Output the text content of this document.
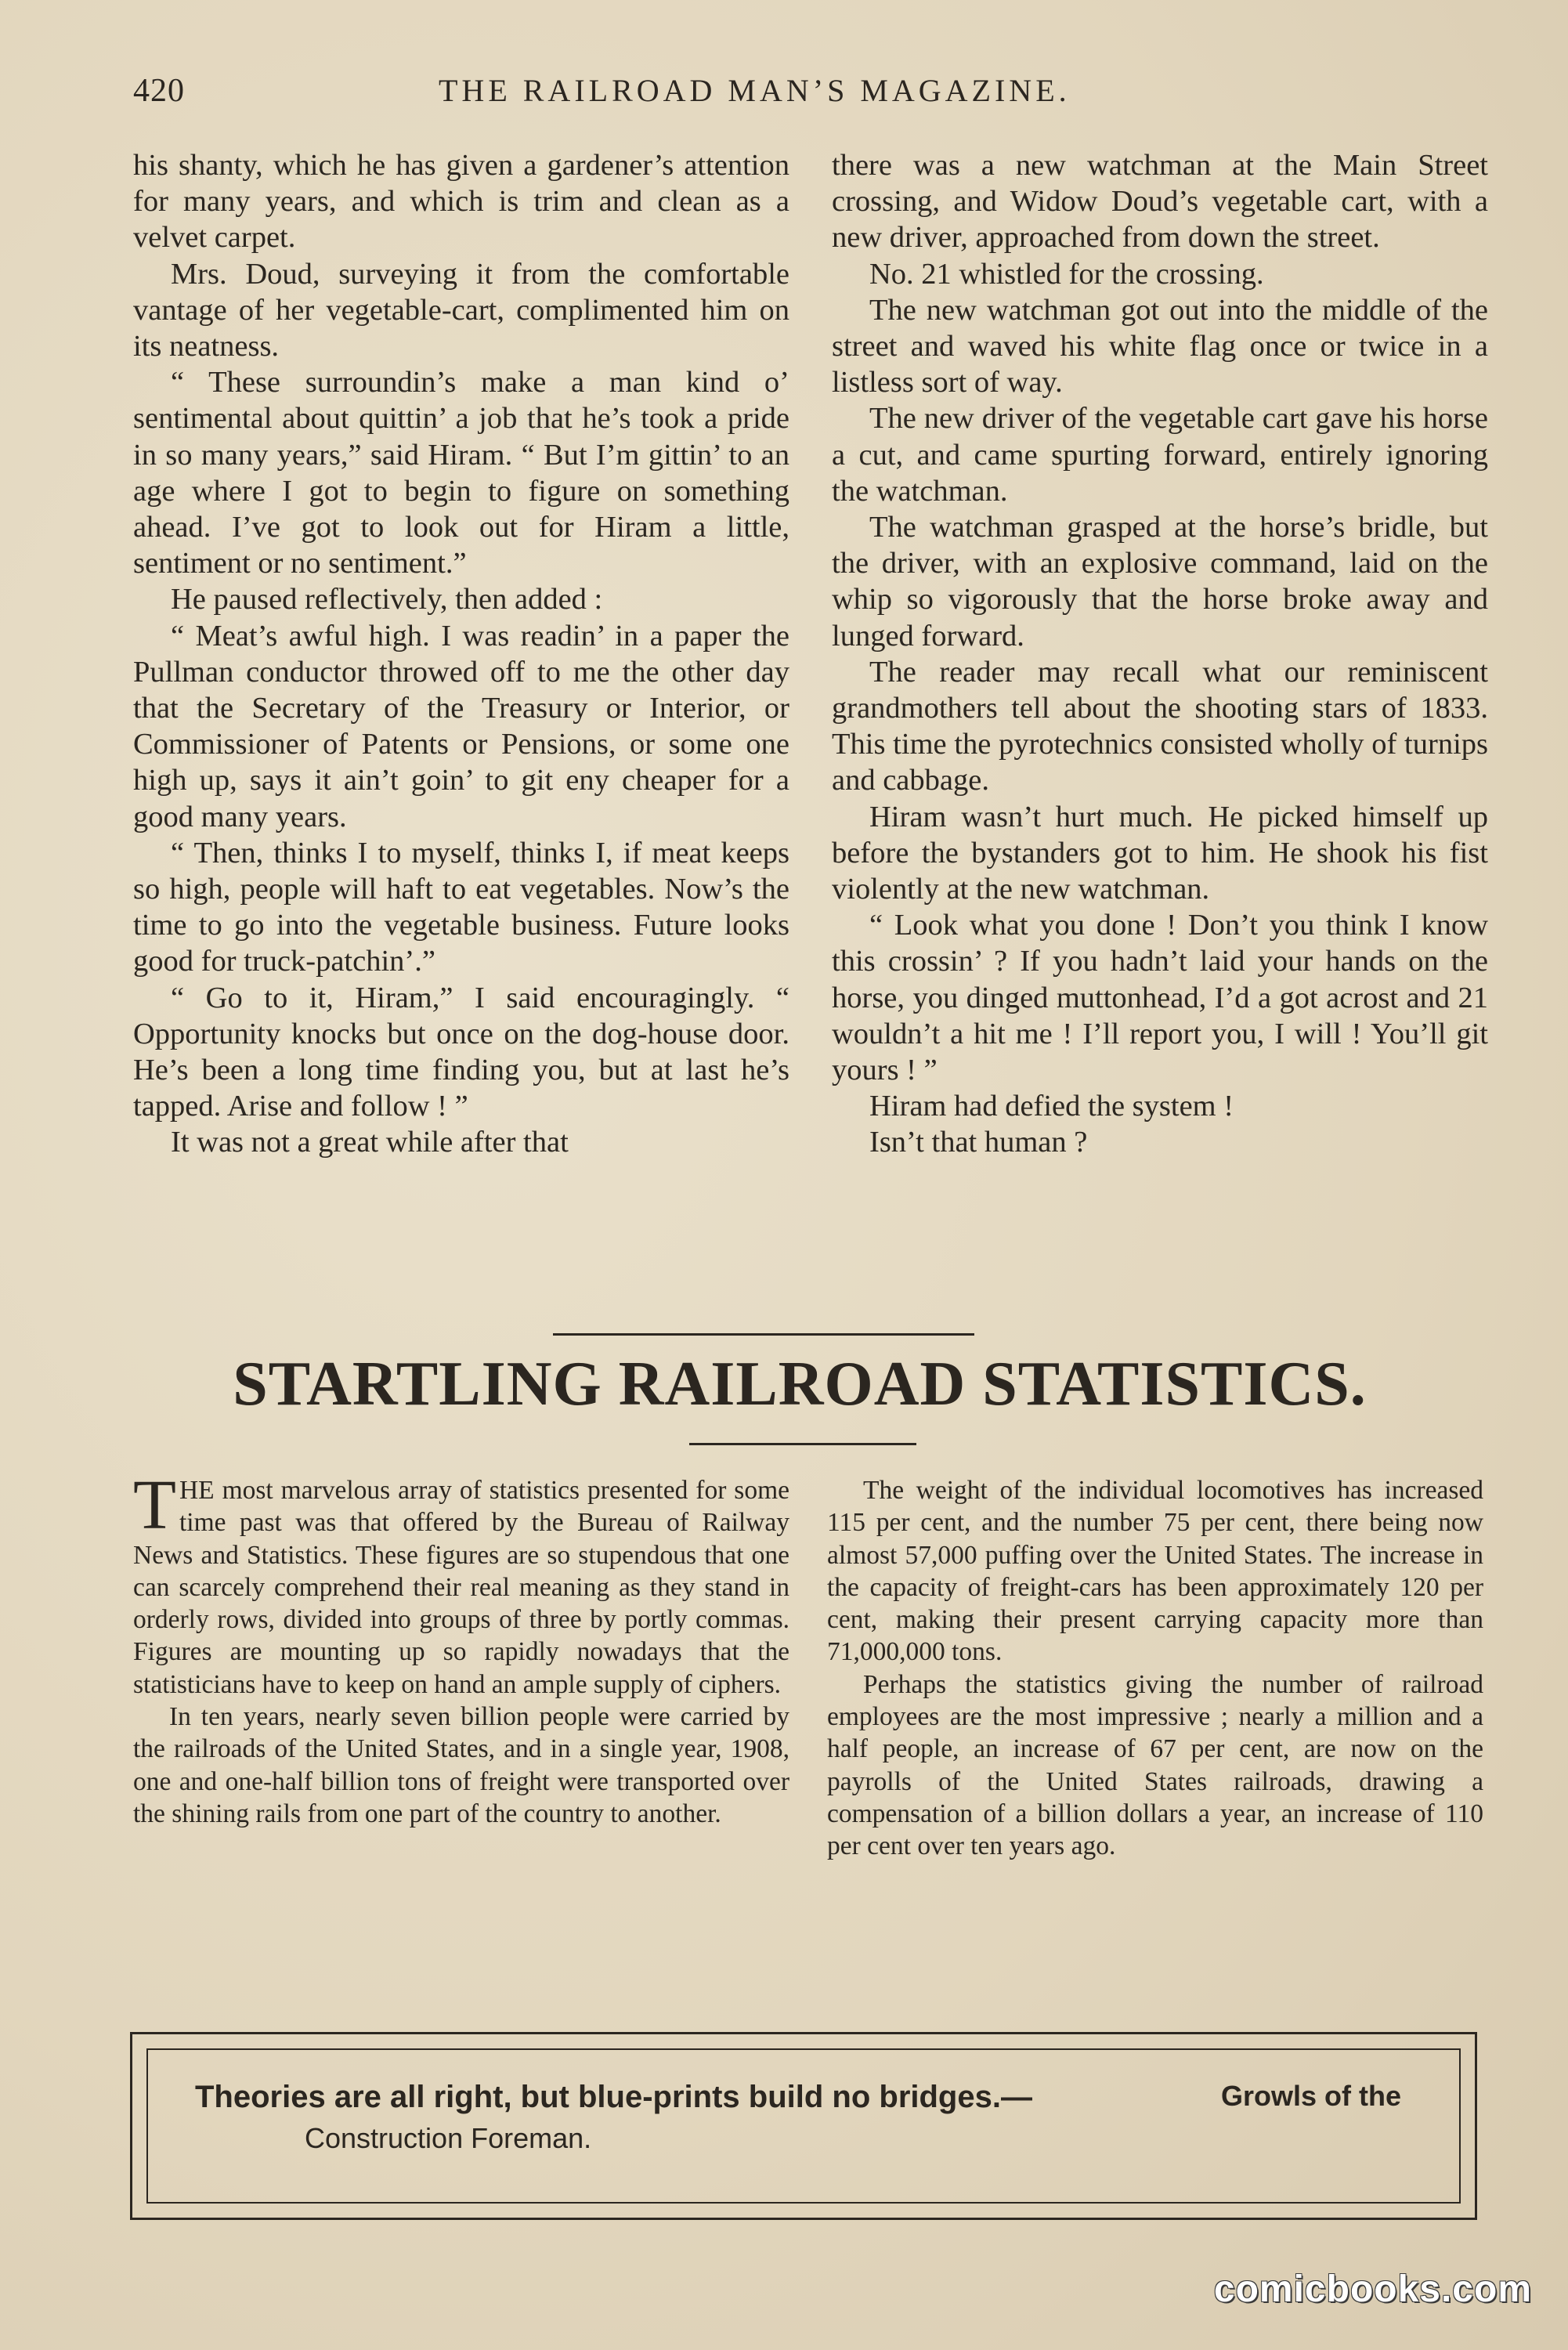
420	THE RAILROAD MAN’S MAGAZINE.

his shanty, which he has given a gardener’s attention for many years, and which is trim and clean as a velvet carpet.

Mrs. Doud, surveying it from the comfortable vantage of her vegetable-cart, complimented him on its neatness.

“ These surroundin’s make a man kind o’ sentimental about quittin’ a job that he’s took a pride in so many years,” said Hiram. “ But I’m gittin’ to an age where I got to begin to figure on something ahead. I’ve got to look out for Hiram a little, sentiment or no sentiment.”

He paused reflectively, then added :

“ Meat’s awful high. I was readin’ in a paper the Pullman conductor throwed off to me the other day that the Secretary of the Treasury or Interior, or Commissioner of Patents or Pensions, or some one high up, says it ain’t goin’ to git eny cheaper for a good many years.

“ Then, thinks I to myself, thinks I, if meat keeps so high, people will haft to eat vegetables. Now’s the time to go into the vegetable business. Future looks good for truck-patchin’.”

“ Go to it, Hiram,” I said encouragingly. “ Opportunity knocks but once on the dog-house door. He’s been a long time finding you, but at last he’s tapped. Arise and follow ! ”

It was not a great while after that

there was a new watchman at the Main Street crossing, and Widow Doud’s vegetable cart, with a new driver, approached from down the street.

No. 21 whistled for the crossing.

The new watchman got out into the middle of the street and waved his white flag once or twice in a listless sort of way.

The new driver of the vegetable cart gave his horse a cut, and came spurting forward, entirely ignoring the watchman.

The watchman grasped at the horse’s bridle, but the driver, with an explosive command, laid on the whip so vigorously that the horse broke away and lunged forward.

The reader may recall what our reminiscent grandmothers tell about the shooting stars of 1833. This time the pyrotechnics consisted wholly of turnips and cabbage.

Hiram wasn’t hurt much. He picked himself up before the bystanders got to him. He shook his fist violently at the new watchman.

“ Look what you done ! Don’t you think I know this crossin’ ? If you hadn’t laid your hands on the horse, you dinged muttonhead, I’d a got acrost and 21 wouldn’t a hit me ! I’ll report you, I will ! You’ll git yours ! ”

Hiram had defied the system !

Isn’t that human ?

STARTLING RAILROAD STATISTICS.

THE most marvelous array of statistics presented for some time past was that offered by the Bureau of Railway News and Statistics. These figures are so stupendous that one can scarcely comprehend their real meaning as they stand in orderly rows, divided into groups of three by portly commas. Figures are mounting up so rapidly nowadays that the statisticians have to keep on hand an ample supply of ciphers.

In ten years, nearly seven billion people were carried by the railroads of the United States, and in a single year, 1908, one and one-half billion tons of freight were transported over the shining rails from one part of the country to another.

The weight of the individual locomotives has increased 115 per cent, and the number 75 per cent, there being now almost 57,000 puffing over the United States. The increase in the capacity of freight-cars has been approximately 120 per cent, making their present carrying capacity more than 71,000,000 tons.

Perhaps the statistics giving the number of railroad employees are the most impressive ; nearly a million and a half people, an increase of 67 per cent, are now on the payrolls of the United States railroads, drawing a compensation of a billion dollars a year, an increase of 110 per cent over ten years ago.

Theories are all right, but blue-prints build no bridges.—	Growls of the
Construction Foreman.
comicbooks.com
